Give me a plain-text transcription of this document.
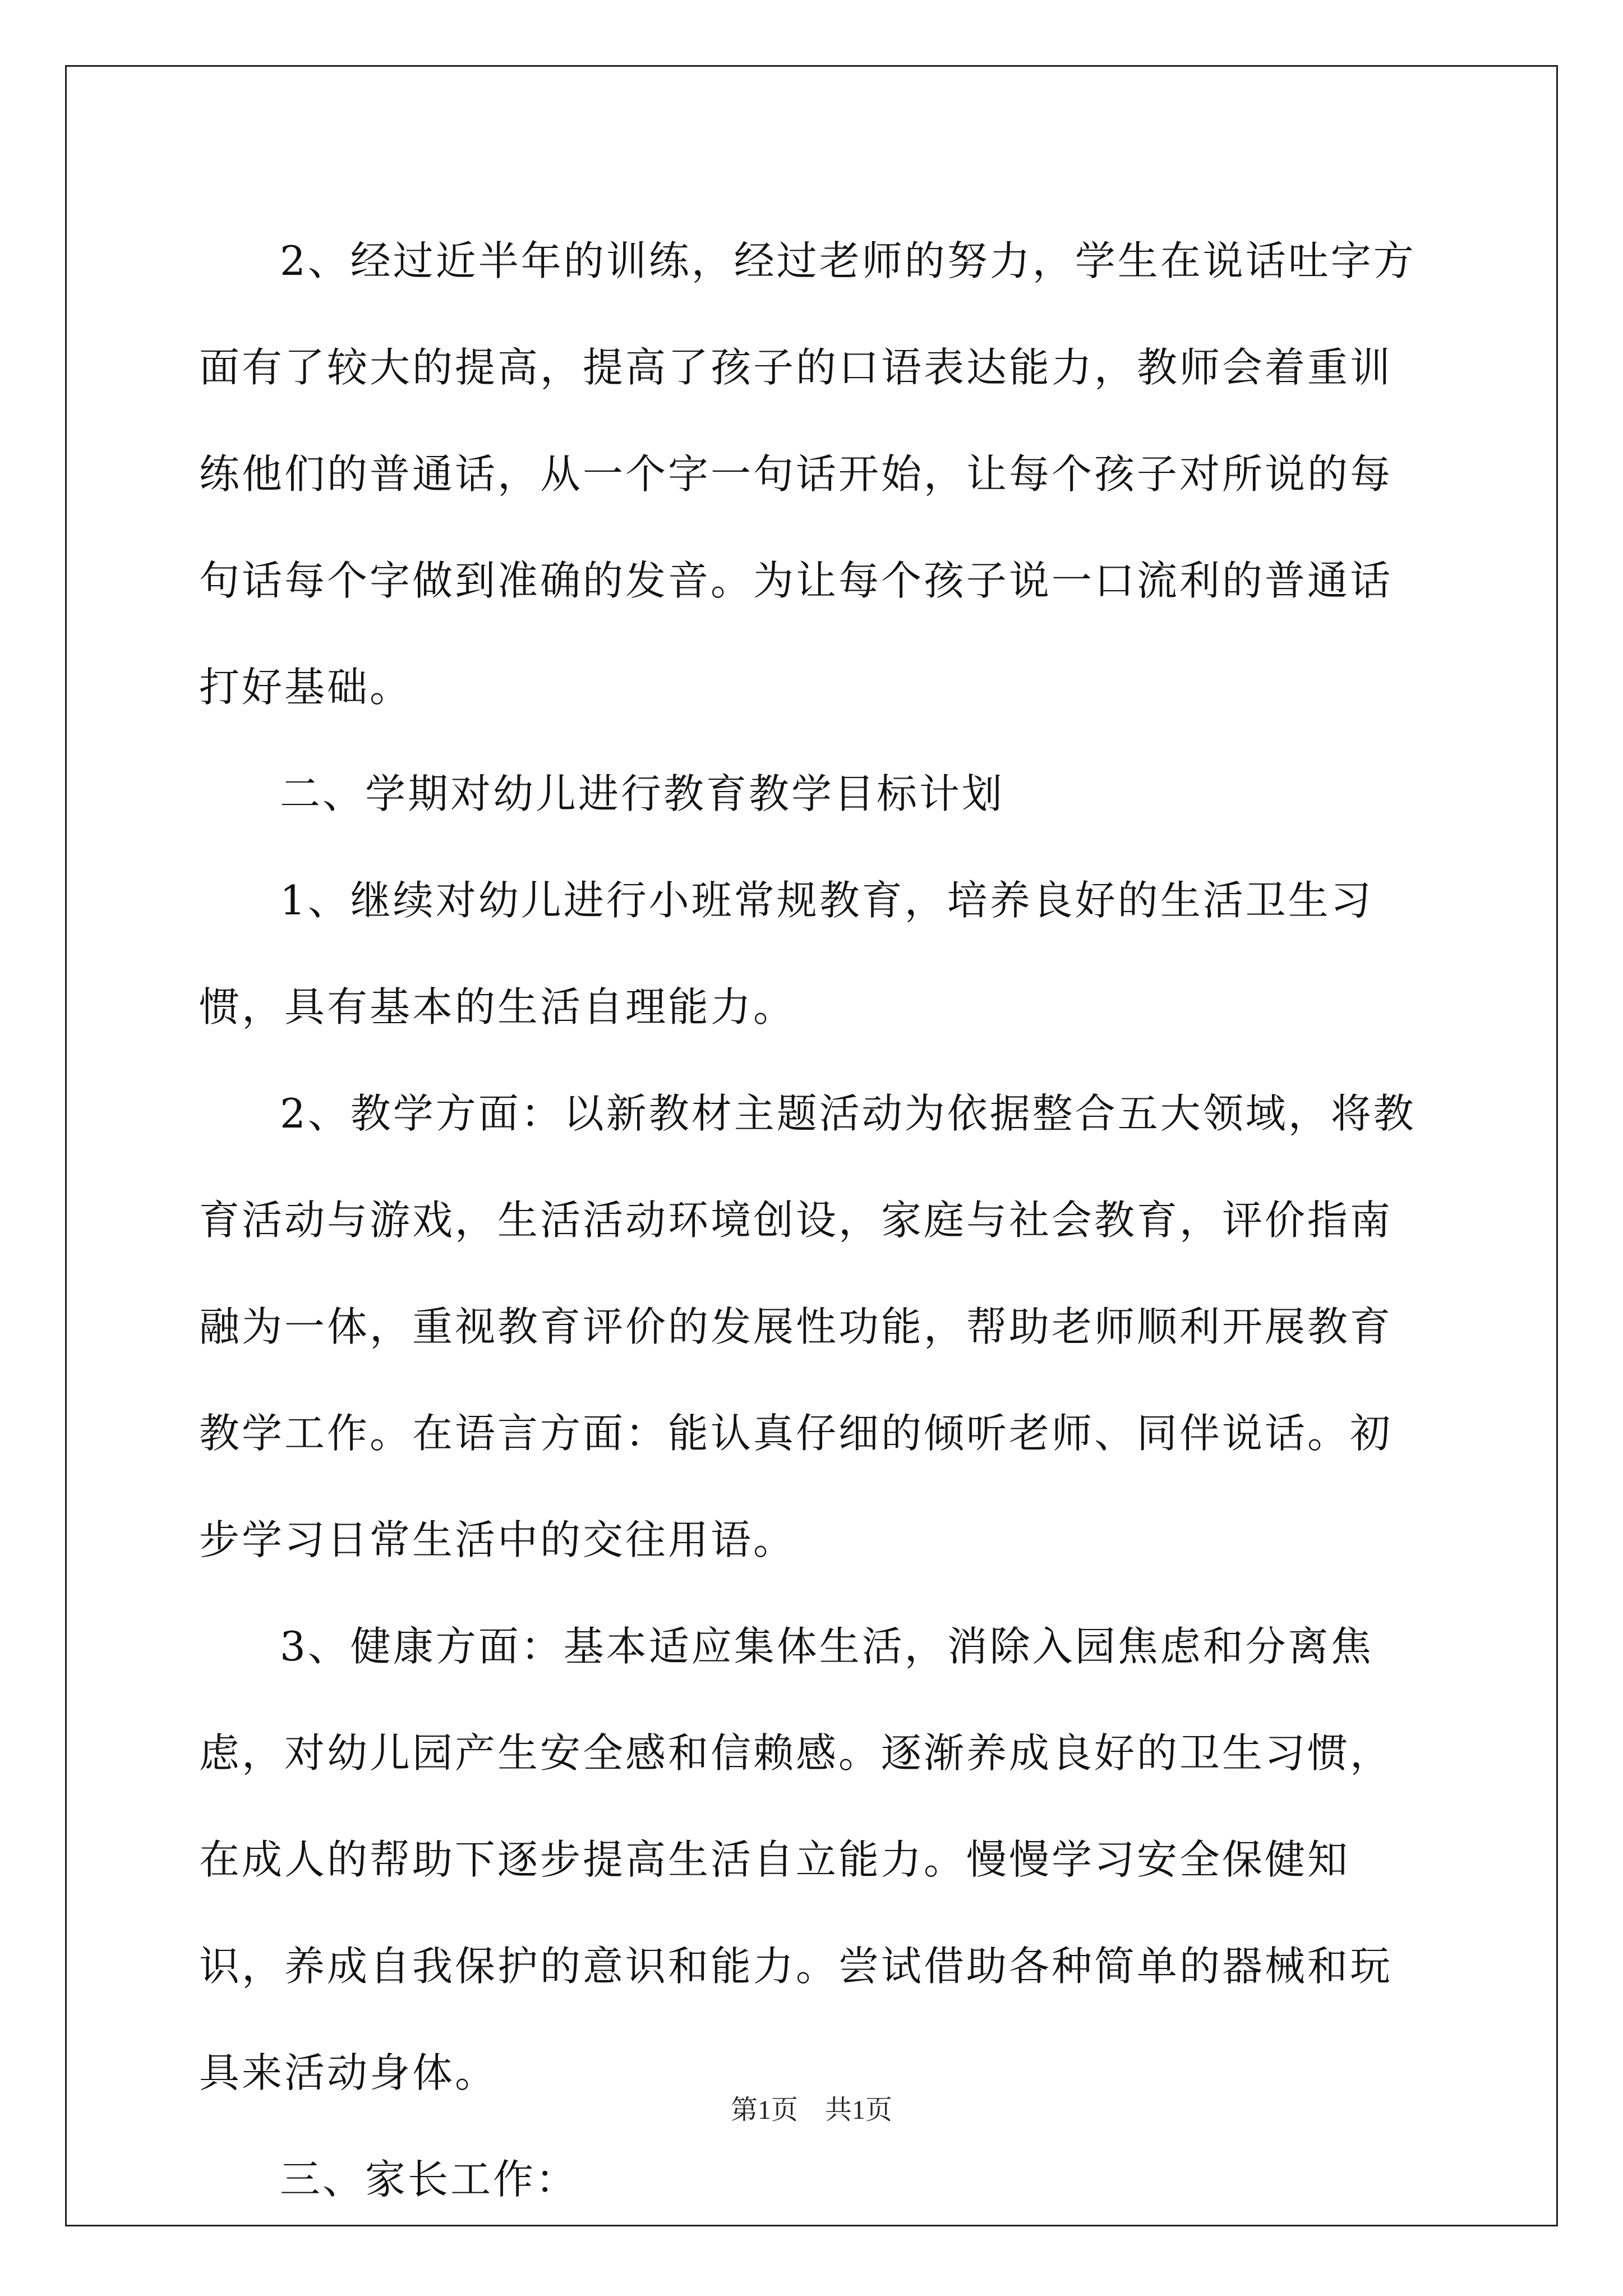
2、经过近半年的训练，经过老师的努力，学生在说话吐字方面有了较大的提高，提高了孩子的口语表达能力，教师会着重训练他们的普通话，从一个字一句话开始，让每个孩子对所说的每句话每个字做到准确的发音。为让每个孩子说一口流利的普通话打好基础。

二、学期对幼儿进行教育教学目标计划

1、继续对幼儿进行小班常规教育，培养良好的生活卫生习惯，具有基本的生活自理能力。

2、教学方面：以新教材主题活动为依据整合五大领域，将教育活动与游戏，生活活动环境创设，家庭与社会教育，评价指南融为一体，重视教育评价的发展性功能，帮助老师顺利开展教育教学工作。在语言方面：能认真仔细的倾听老师、同伴说话。初步学习日常生活中的交往用语。

3、健康方面：基本适应集体生活，消除入园焦虑和分离焦虑，对幼儿园产生安全感和信赖感。逐渐养成良好的卫生习惯，在成人的帮助下逐步提高生活自立能力。慢慢学习安全保健知识，养成自我保护的意识和能力。尝试借助各种简单的器械和玩具来活动身体。

三、家长工作：

第1页　共1页
